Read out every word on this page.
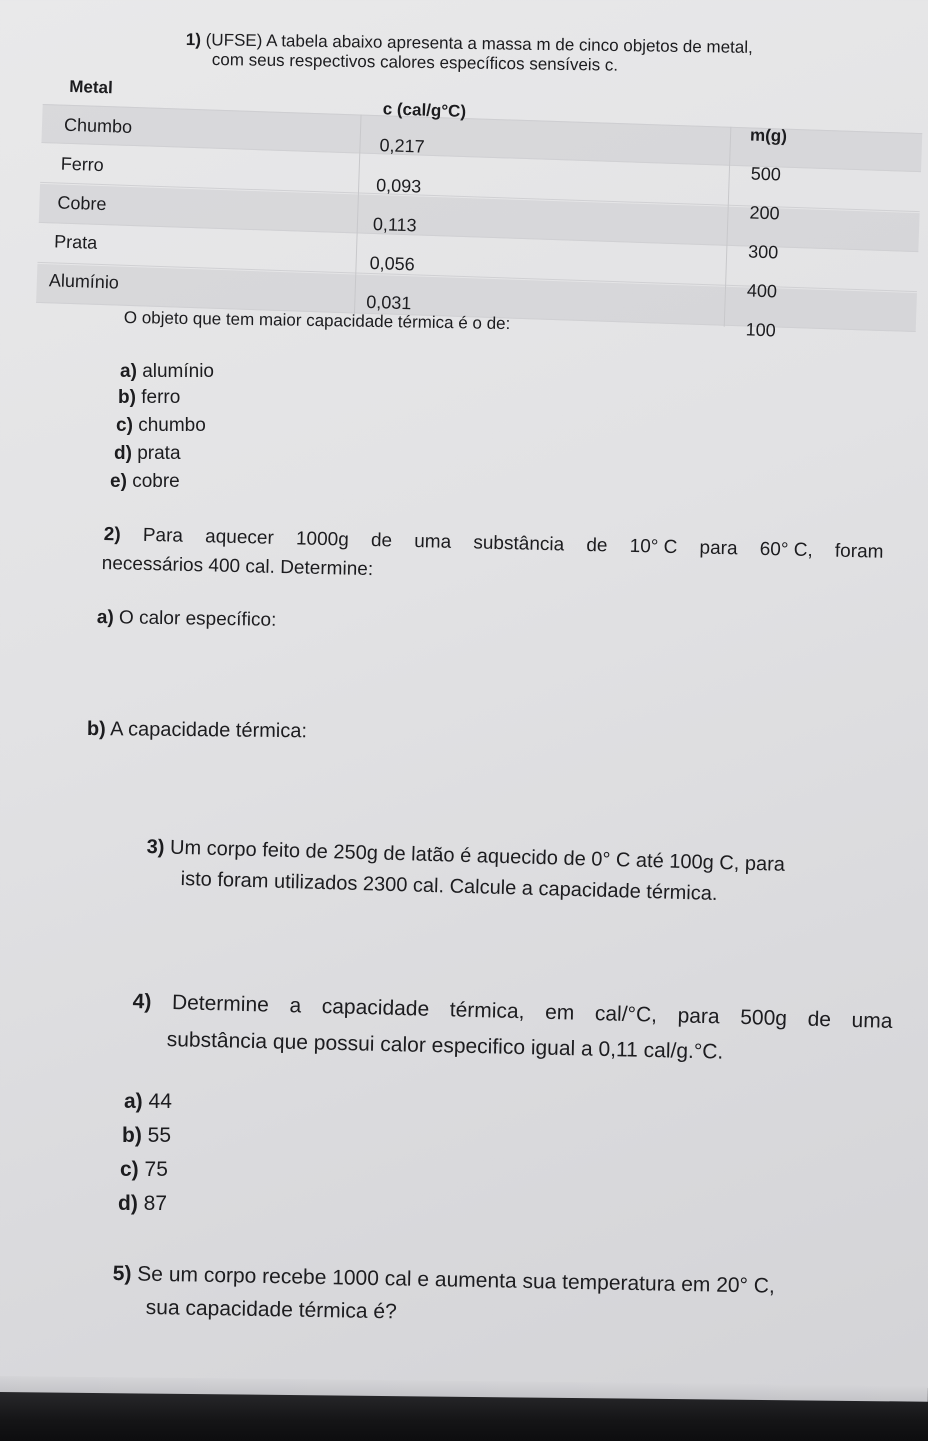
1) (UFSE) A tabela abaixo apresenta a massa m de cinco objetos de metal,
com seus respectivos calores específicos sensíveis c.
Metal
c (cal/g°C)
m(g)
Chumbo
0,217
500
Ferro
0,093
200
Cobre
0,113
300
Prata
0,056
400
Alumínio
0,031
100
O objeto que tem maior capacidade térmica é o de:
a) alumínio
b) ferro
c) chumbo
d) prata
e) cobre
2) Para aquecer 1000g de uma substância de 10° C para 60° C, foram
necessários 400 cal. Determine:
a) O calor específico:
b) A capacidade térmica:
3) Um corpo feito de 250g de latão é aquecido de 0° C até 100g C, para
isto foram utilizados 2300 cal. Calcule a capacidade térmica.
4) Determine a capacidade térmica, em cal/°C, para 500g de uma
substância que possui calor especifico igual a 0,11 cal/g.°C.
a) 44
b) 55
c) 75
d) 87
5) Se um corpo recebe 1000 cal e aumenta sua temperatura em 20° C,
sua capacidade térmica é?
